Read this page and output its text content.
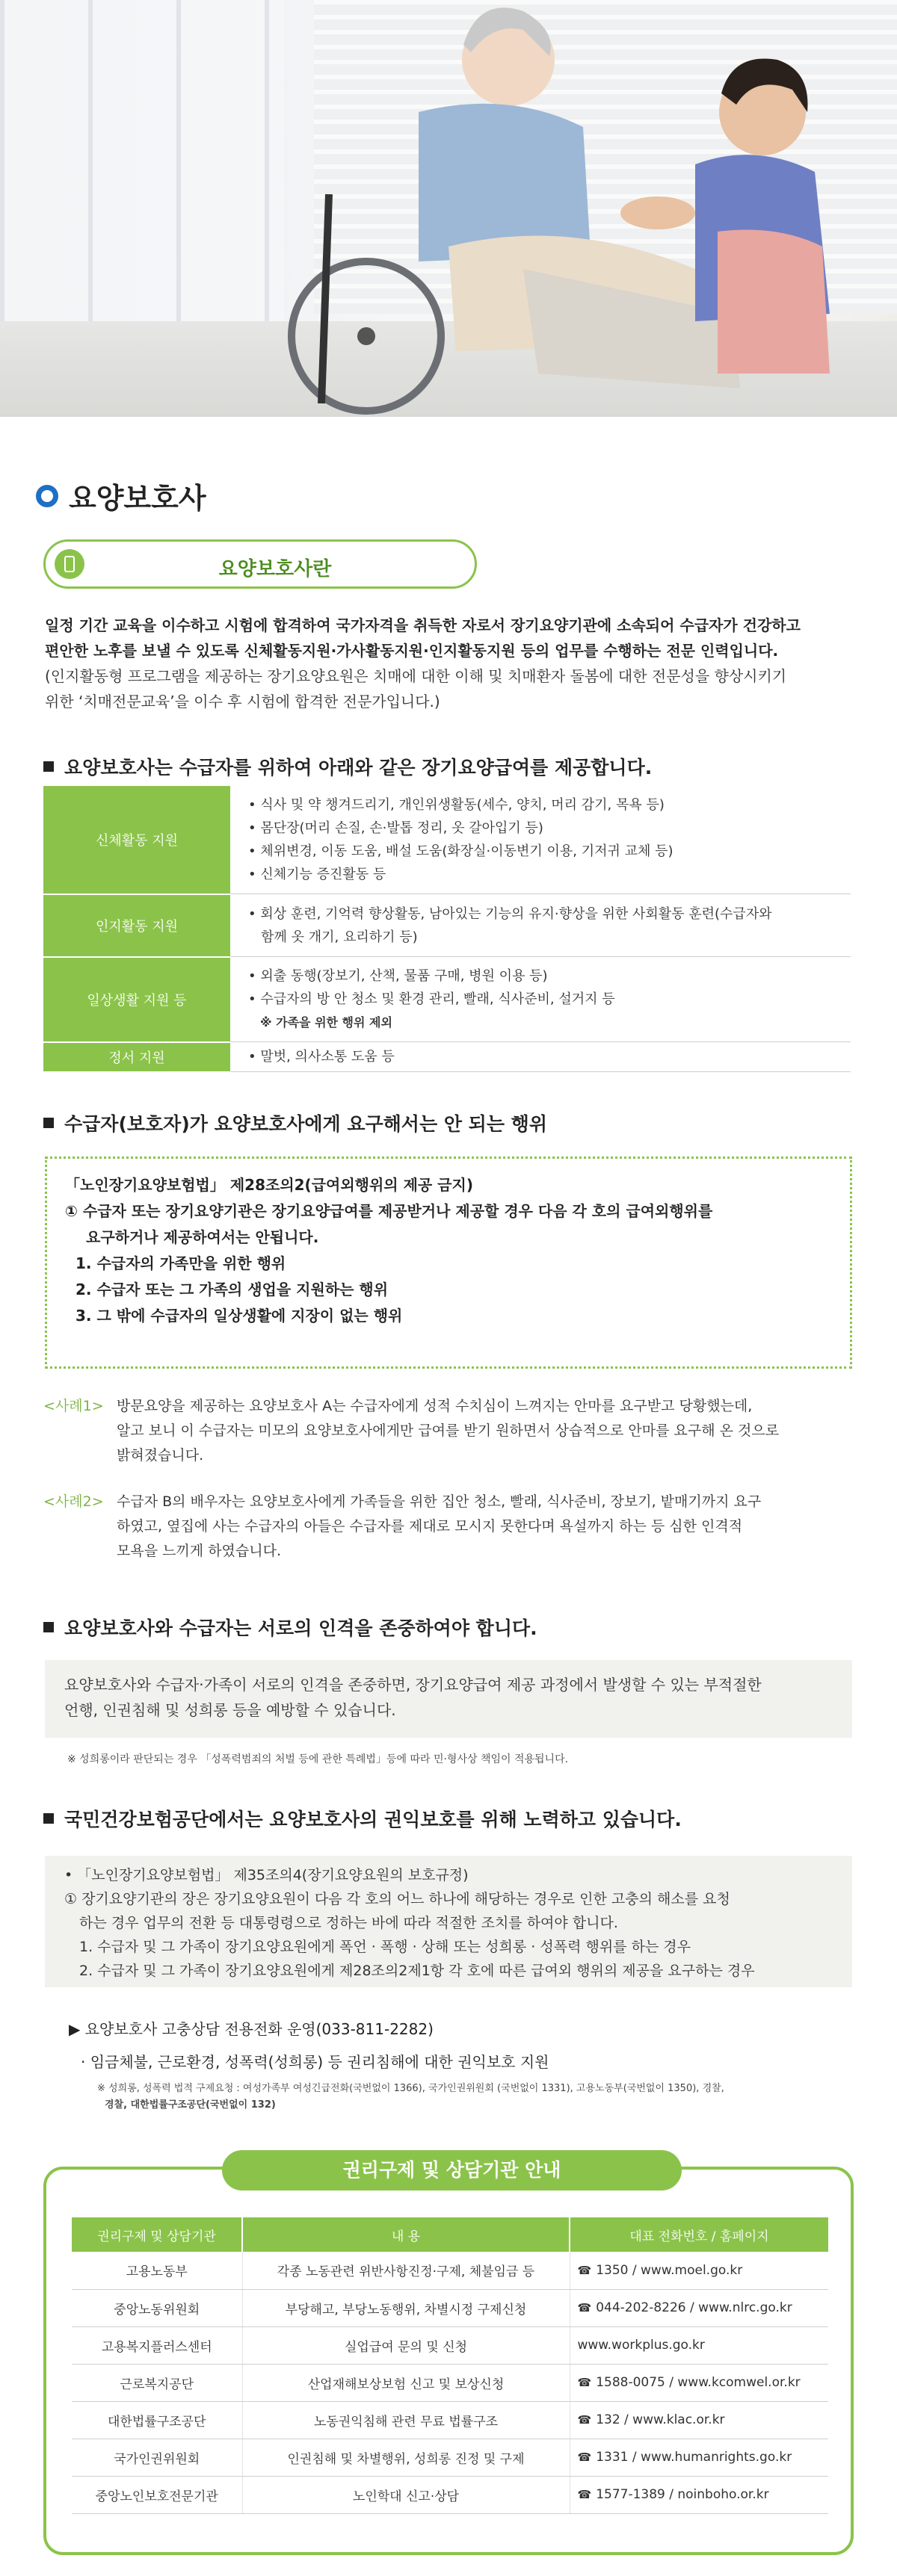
요양보호사
요양보호사란
일정 기간 교육을 이수하고 시험에 합격하여 국가자격을 취득한 자로서 장기요양기관에 소속되어 수급자가 건강하고
편안한 노후를 보낼 수 있도록 신체활동지원·가사활동지원·인지활동지원 등의 업무를 수행하는 전문 인력입니다.
(인지활동형 프로그램을 제공하는 장기요양요원은 치매에 대한 이해 및 치매환자 돌봄에 대한 전문성을 향상시키기
위한 ‘치매전문교육’을 이수 후 시험에 합격한 전문가입니다.)
요양보호사는 수급자를 위하여 아래와 같은 장기요양급여를 제공합니다.
신체활동 지원	• 식사 및 약 챙겨드리기, 개인위생활동(세수, 양치, 머리 감기, 목욕 등)
• 몸단장(머리 손질, 손·발톱 정리, 옷 갈아입기 등)
• 체위변경, 이동 도움, 배설 도움(화장실·이동변기 이용, 기저귀 교체 등)
• 신체기능 증진활동 등

인지활동 지원	• 회상 훈련, 기억력 향상활동, 남아있는 기능의 유지·향상을 위한 사회활동 훈련(수급자와
함께 옷 개기, 요리하기 등)

일상생활 지원 등	• 외출 동행(장보기, 산책, 물품 구매, 병원 이용 등)
• 수급자의 방 안 청소 및 환경 관리, 빨래, 식사준비, 설거지 등
※ 가족을 위한 행위 제외

정서 지원	• 말벗, 의사소통 도움 등
수급자(보호자)가 요양보호사에게 요구해서는 안 되는 행위
「노인장기요양보험법」 제28조의2(급여외행위의 제공 금지)
① 수급자 또는 장기요양기관은 장기요양급여를 제공받거나 제공할 경우 다음 각 호의 급여외행위를
요구하거나 제공하여서는 안됩니다.
1. 수급자의 가족만을 위한 행위
2. 수급자 또는 그 가족의 생업을 지원하는 행위
3. 그 밖에 수급자의 일상생활에 지장이 없는 행위
<사례1> 방문요양을 제공하는 요양보호사 A는 수급자에게 성적 수치심이 느껴지는 안마를 요구받고 당황했는데,
알고 보니 이 수급자는 미모의 요양보호사에게만 급여를 받기 원하면서 상습적으로 안마를 요구해 온 것으로
밝혀졌습니다.
<사례2> 수급자 B의 배우자는 요양보호사에게 가족들을 위한 집안 청소, 빨래, 식사준비, 장보기, 밭매기까지 요구
하였고, 옆집에 사는 수급자의 아들은 수급자를 제대로 모시지 못한다며 욕설까지 하는 등 심한 인격적
모욕을 느끼게 하였습니다.
요양보호사와 수급자는 서로의 인격을 존중하여야 합니다.
요양보호사와 수급자·가족이 서로의 인격을 존중하면, 장기요양급여 제공 과정에서 발생할 수 있는 부적절한
언행, 인권침해 및 성희롱 등을 예방할 수 있습니다.
※ 성희롱이라 판단되는 경우 「성폭력범죄의 처벌 등에 관한 특례법」등에 따라 민·형사상 책임이 적용됩니다.
국민건강보험공단에서는 요양보호사의 권익보호를 위해 노력하고 있습니다.
• 「노인장기요양보험법」 제35조의4(장기요양요원의 보호규정)
① 장기요양기관의 장은 장기요양요원이 다음 각 호의 어느 하나에 해당하는 경우로 인한 고충의 해소를 요청
하는 경우 업무의 전환 등 대통령령으로 정하는 바에 따라 적절한 조치를 하여야 합니다.
1. 수급자 및 그 가족이 장기요양요원에게 폭언 · 폭행 · 상해 또는 성희롱 · 성폭력 행위를 하는 경우
2. 수급자 및 그 가족이 장기요양요원에게 제28조의2제1항 각 호에 따른 급여외 행위의 제공을 요구하는 경우
▶ 요양보호사 고충상담 전용전화 운영(033-811-2282)
· 임금체불, 근로환경, 성폭력(성희롱) 등 권리침해에 대한 권익보호 지원
※ 성희롱, 성폭력 법적 구제요청 : 여성가족부 여성긴급전화(국번없이 1366), 국가인권위원회 (국번없이 1331), 고용노동부(국번없이 1350), 경찰,
경찰, 대한법률구조공단(국번없이 132)
권리구제 및 상담기관 안내
권리구제 및 상담기관	내 용	대표 전화번호 / 홈페이지
고용노동부	각종 노동관련 위반사항진정·구제, 체불임금 등	☎ 1350 / www.moel.go.kr
중앙노동위원회	부당해고, 부당노동행위, 차별시정 구제신청	☎ 044-202-8226 / www.nlrc.go.kr
고용복지플러스센터	실업급여 문의 및 신청	www.workplus.go.kr
근로복지공단	산업재해보상보험 신고 및 보상신청	☎ 1588-0075 / www.kcomwel.or.kr
대한법률구조공단	노동권익침해 관련 무료 법률구조	☎ 132 / www.klac.or.kr
국가인권위원회	인권침해 및 차별행위, 성희롱 진정 및 구제	☎ 1331 / www.humanrights.go.kr
중앙노인보호전문기관	노인학대 신고·상담	☎ 1577-1389 / noinboho.or.kr
